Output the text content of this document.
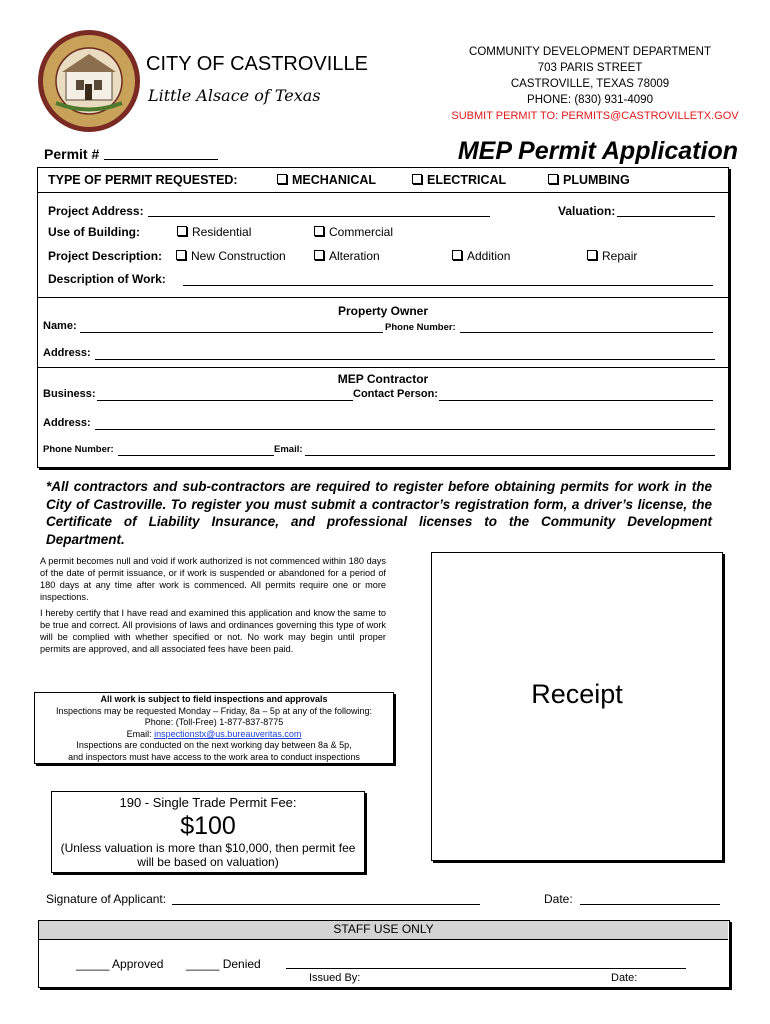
CITY OF CASTROVILLE
Little Alsace of Texas
COMMUNITY DEVELOPMENT DEPARTMENT
703 PARIS STREET
CASTROVILLE, TEXAS 78009
PHONE: (830) 931-4090
SUBMIT PERMIT TO: PERMITS@CASTROVILLETX.GOV
Permit #	MEP Permit Application
TYPE OF PERMIT REQUESTED:	MECHANICAL	ELECTRICAL	PLUMBING
Project Address:	Valuation:
Use of Building:	Residential	Commercial
Project Description:	New Construction	Alteration	Addition	Repair
Description of Work:
Property Owner
Name:	Phone Number:
Address:
MEP Contractor
Business:	Contact Person:
Address:
Phone Number:	Email:
*All contractors and sub-contractors are required to register before obtaining permits for work in the City of Castroville. To register you must submit a contractor’s registration form, a driver’s license, the Certificate of Liability Insurance, and professional licenses to the Community Development Department.
A permit becomes null and void if work authorized is not commenced within 180 days of the date of permit issuance, or if work is suspended or abandoned for a period of 180 days at any time after work is commenced. All permits require one or more inspections.
I hereby certify that I have read and examined this application and know the same to be true and correct. All provisions of laws and ordinances governing this type of work will be complied with whether specified or not. No work may begin until proper permits are approved, and all associated fees have been paid.
All work is subject to field inspections and approvals
Inspections may be requested Monday – Friday, 8a – 5p at any of the following:
Phone: (Toll-Free) 1-877-837-8775
Email: inspectionstx@us.bureauveritas.com
Inspections are conducted on the next working day between 8a & 5p,
and inspectors must have access to the work area to conduct inspections
Receipt
190 - Single Trade Permit Fee:
$100
(Unless valuation is more than $10,000, then permit fee will be based on valuation)
Signature of Applicant:	Date:
STAFF USE ONLY
_____ Approved _____ Denied
Issued By:	Date:
